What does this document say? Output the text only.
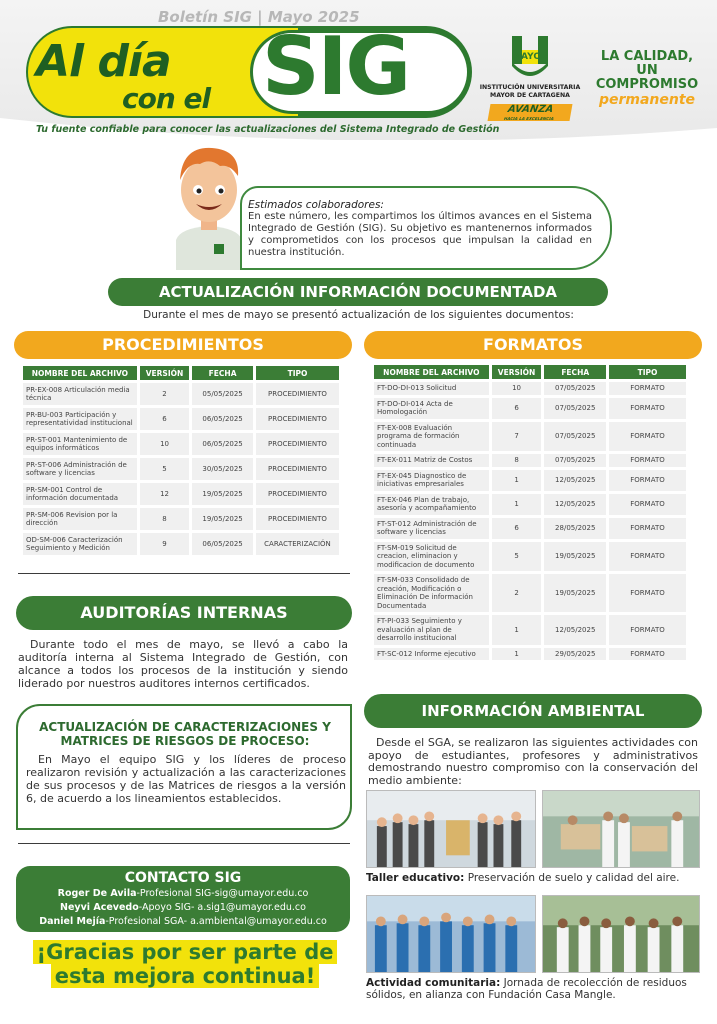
Boletín SIG | Mayo 2025
Al día
con el SIG
Tu fuente confiable para conocer las actualizaciones del Sistema Integrado de Gestión
MAYOR
INSTITUCIÓN UNIVERSITARIA MAYOR DE CARTAGENA
AVANZA
HACIA LA EXCELENCIA
LA CALIDAD,
UN COMPROMISO
permanente
Estimados colaboradores:
En este número, les compartimos los últimos avances en el Sistema Integrado de Gestión (SIG). Su objetivo es mantenernos informados y comprometidos con los procesos que impulsan la calidad en nuestra institución.
ACTUALIZACIÓN INFORMACIÓN DOCUMENTADA
Durante el mes de mayo se presentó actualización de los siguientes documentos:
PROCEDIMIENTOS	FORMATOS
NOMBRE DEL ARCHIVO	VERSIÓN	FECHA	TIPO
PR-EX-008 Articulación media técnica	2	05/05/2025	PROCEDIMIENTO
PR-BU-003 Participación y representatividad institucional	6	06/05/2025	PROCEDIMIENTO
PR-ST-001 Mantenimiento de equipos informáticos	10	06/05/2025	PROCEDIMIENTO
PR-ST-006 Administración de software y licencias	5	30/05/2025	PROCEDIMIENTO
PR-SM-001 Control de información documentada	12	19/05/2025	PROCEDIMIENTO
PR-SM-006 Revision por la dirección	8	19/05/2025	PROCEDIMIENTO
OD-SM-006 Caracterización Seguimiento y Medición	9	06/05/2025	CARACTERIZACIÓN
NOMBRE DEL ARCHIVO	VERSIÓN	FECHA	TIPO
FT-DO-DI-013 Solicitud	10	07/05/2025	FORMATO
FT-DO-DI-014 Acta de Homologación	6	07/05/2025	FORMATO
FT-EX-008 Evaluación programa de formación continuada	7	07/05/2025	FORMATO
FT-EX-011 Matriz de Costos	8	07/05/2025	FORMATO
FT-EX-045 Diagnostico de iniciativas empresariales	1	12/05/2025	FORMATO
FT-EX-046 Plan de trabajo, asesoría y acompañamiento	1	12/05/2025	FORMATO
FT-ST-012 Administración de software y licencias	6	28/05/2025	FORMATO
FT-SM-019 Solicitud de creacion, eliminacion y modificacion de documento	5	19/05/2025	FORMATO
FT-SM-033 Consolidado de creación, Modificación o Eliminación De información Documentada	2	19/05/2025	FORMATO
FT-PI-033 Seguimiento y evaluación al plan de desarrollo institucional	1	12/05/2025	FORMATO
FT-SC-012 Informe ejecutivo	1	29/05/2025	FORMATO
AUDITORÍAS INTERNAS
Durante todo el mes de mayo, se llevó a cabo la auditoría interna al Sistema Integrado de Gestión, con alcance a todos los procesos de la institución y siendo liderado por nuestros auditores internos certificados.
ACTUALIZACIÓN DE CARACTERIZACIONES Y MATRICES DE RIESGOS DE PROCESO:
En Mayo el equipo SIG y los líderes de proceso realizaron revisión y actualización a las caracterizaciones de sus procesos y de las Matrices de riesgos a la versión 6, de acuerdo a los lineamientos establecidos.
CONTACTO SIG
Roger De Avila-Profesional SIG-sig@umayor.edu.co
Neyvi Acevedo-Apoyo SIG- a.sig1@umayor.edu.co
Daniel Mejía-Profesional SGA- a.ambiental@umayor.edu.co
¡Gracias por ser parte de
esta mejora continua!
INFORMACIÓN AMBIENTAL
Desde el SGA, se realizaron las siguientes actividades con apoyo de estudiantes, profesores y administrativos demostrando nuestro compromiso con la conservación del medio ambiente:
Taller educativo: Preservación de suelo y calidad del aire.
Actividad comunitaria: Jornada de recolección de residuos sólidos, en alianza con Fundación Casa Mangle.
